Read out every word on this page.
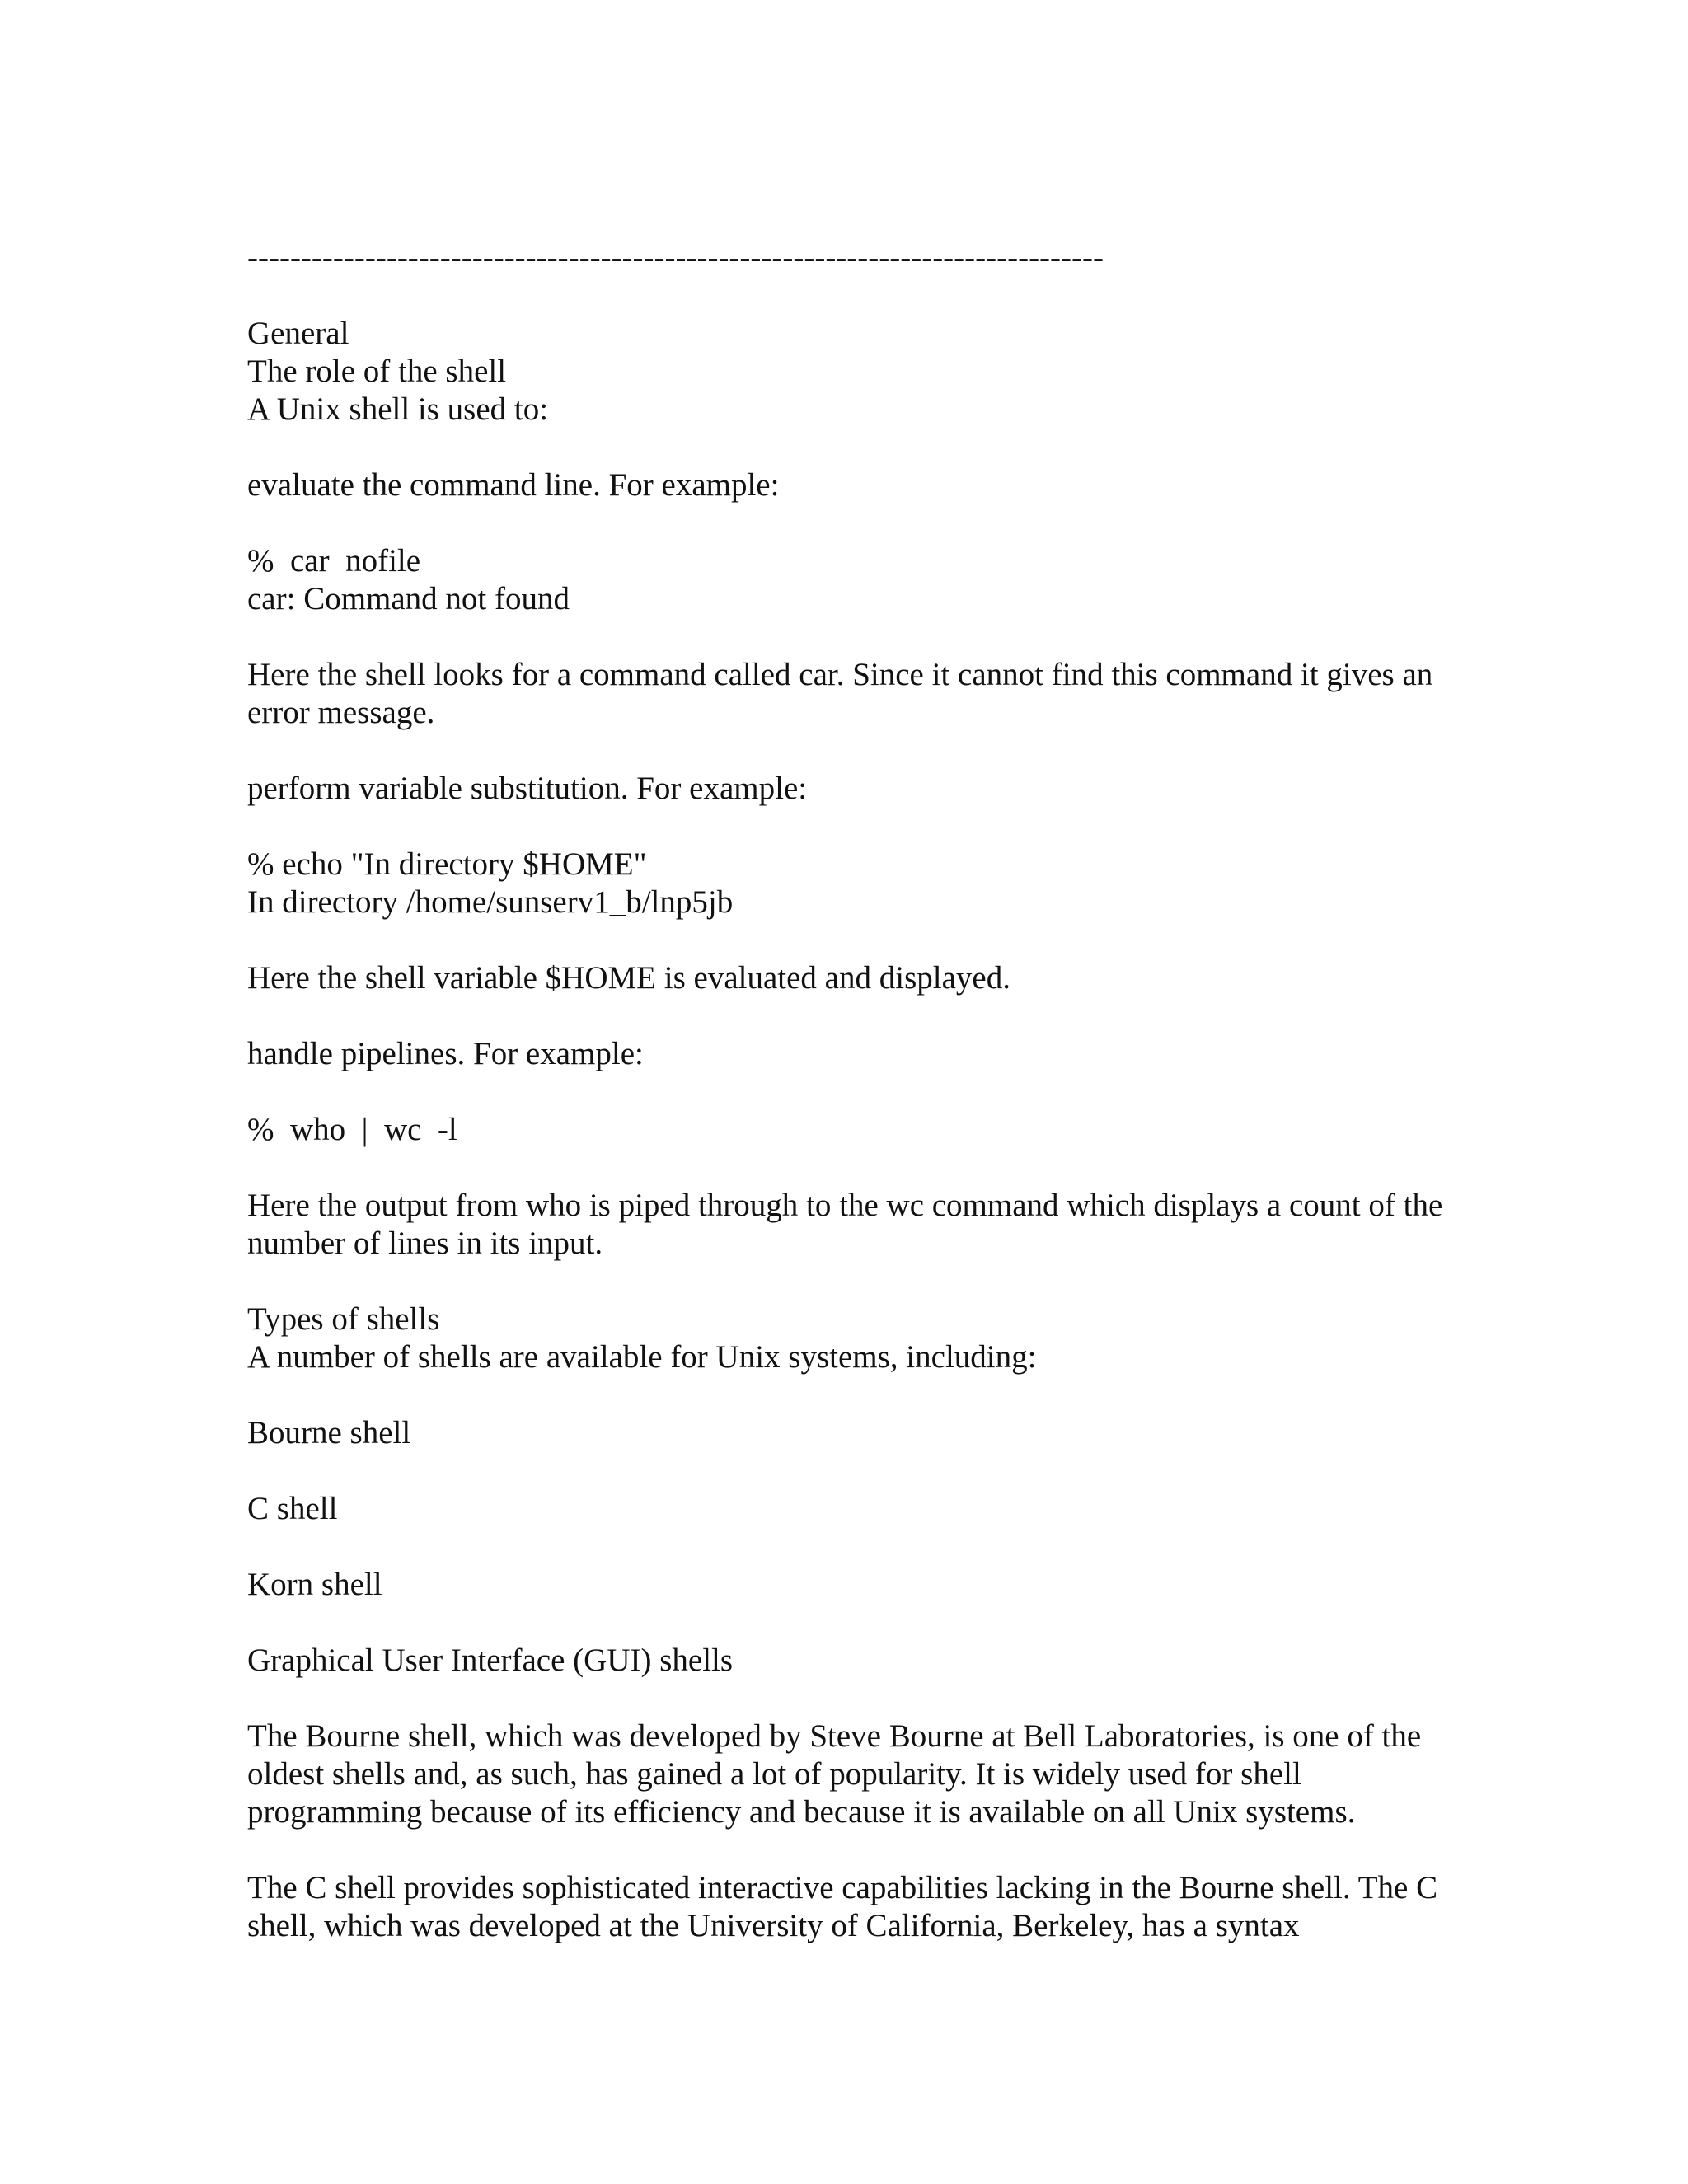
--------------------------------------------------------------------------------

General

The role of the shell

A Unix shell is used to:

evaluate the command line. For example:

%  car  nofile

car: Command not found

Here the shell looks for a command called car. Since it cannot find this command it gives an error message.

perform variable substitution. For example:

% echo "In directory $HOME"

In directory /home/sunserv1_b/lnp5jb

Here the shell variable $HOME is evaluated and displayed.

handle pipelines. For example:

%  who  |  wc  -l

Here the output from who is piped through to the wc command which displays a count of the number of lines in its input.

Types of shells

A number of shells are available for Unix systems, including:

Bourne shell

C shell

Korn shell

Graphical User Interface (GUI) shells

The Bourne shell, which was developed by Steve Bourne at Bell Laboratories, is one of the oldest shells and, as such, has gained a lot of popularity. It is widely used for shell programming because of its efficiency and because it is available on all Unix systems.

The C shell provides sophisticated interactive capabilities lacking in the Bourne shell. The C shell, which was developed at the University of California, Berkeley, has a syntax
